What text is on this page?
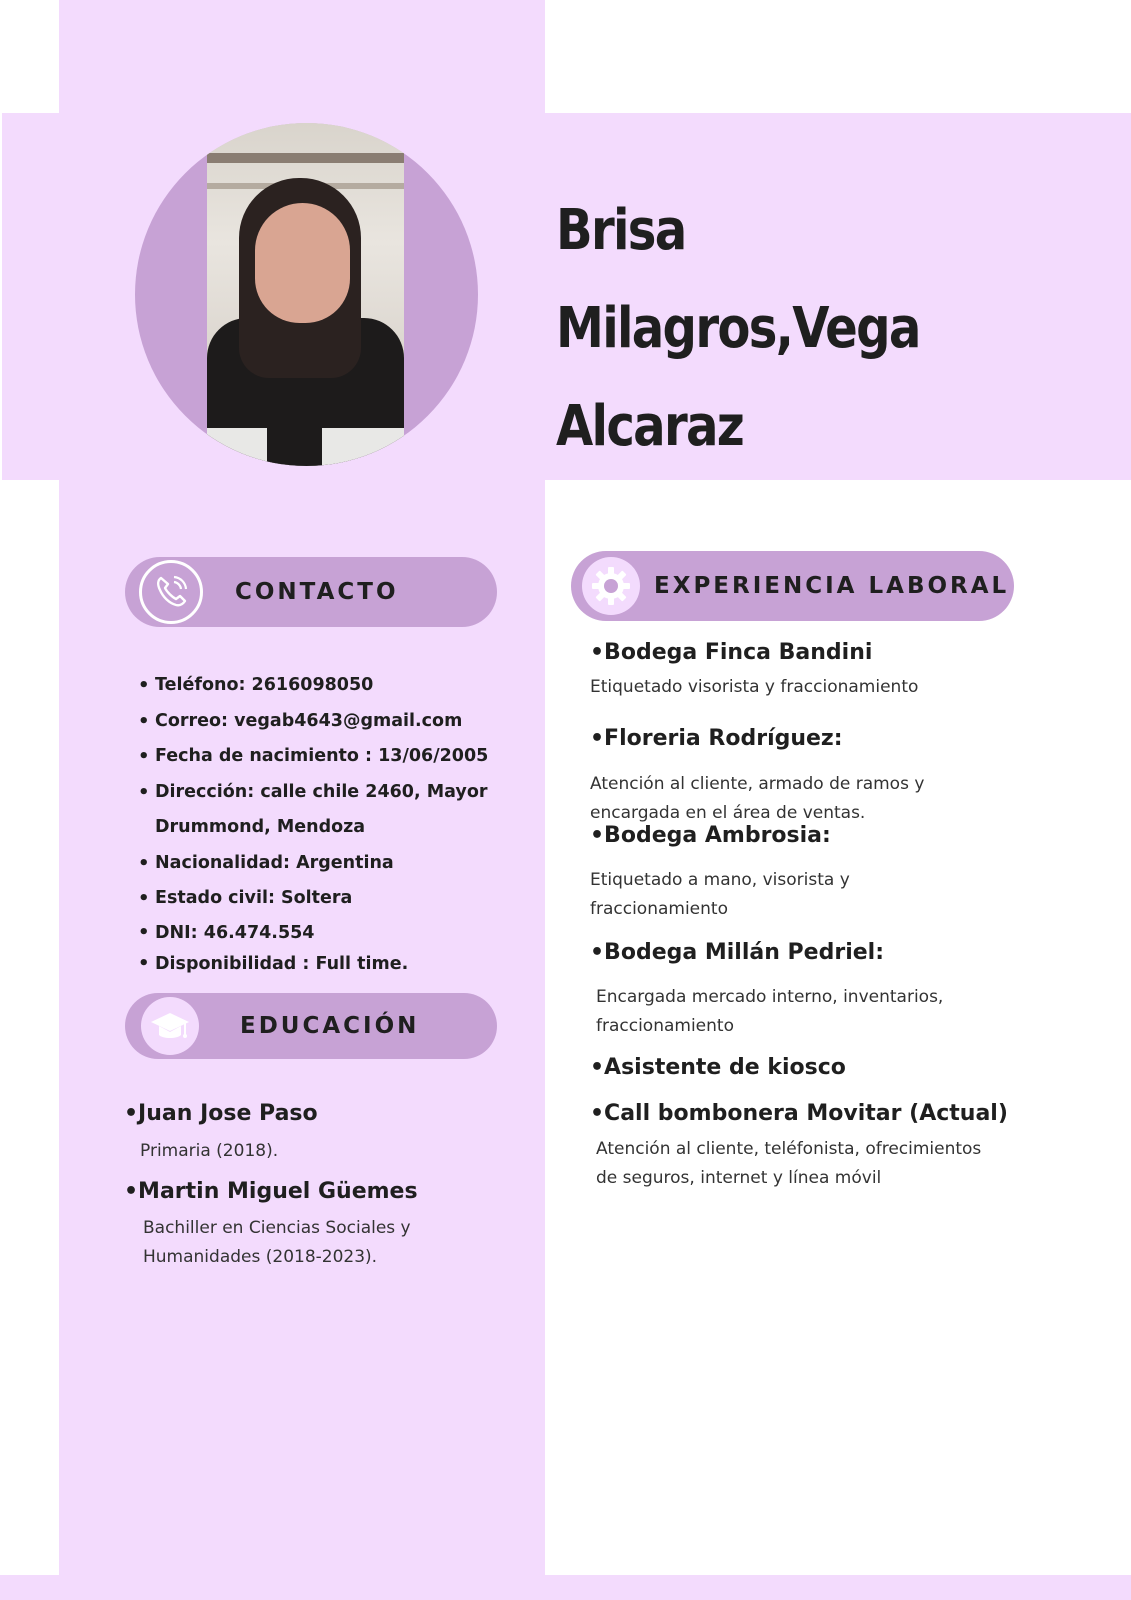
Brisa Milagros,Vega Alcaraz
CONTACTO
• Teléfono: 2616098050
• Correo: vegab4643@gmail.com
• Fecha de nacimiento : 13/06/2005
• Dirección: calle chile 2460, Mayor Drummond, Mendoza
• Nacionalidad: Argentina
• Estado civil: Soltera
• DNI: 46.474.554
• Disponibilidad : Full time.
EDUCACIÓN
•Juan Jose Paso

Primaria (2018).

•Martin Miguel Güemes

Bachiller en Ciencias Sociales y Humanidades (2018-2023).

EXPERIENCIA LABORAL
•Bodega Finca Bandini

Etiquetado visorista y fraccionamiento

•Floreria Rodríguez:

Atención al cliente, armado de ramos y encargada en el área de ventas.

•Bodega Ambrosia:

Etiquetado a mano, visorista y fraccionamiento

•Bodega Millán Pedriel:

Encargada mercado interno, inventarios, fraccionamiento

•Asistente de kiosco
•Call bombonera Movitar (Actual)

Atención al cliente, teléfonista, ofrecimientos de seguros, internet y línea móvil
